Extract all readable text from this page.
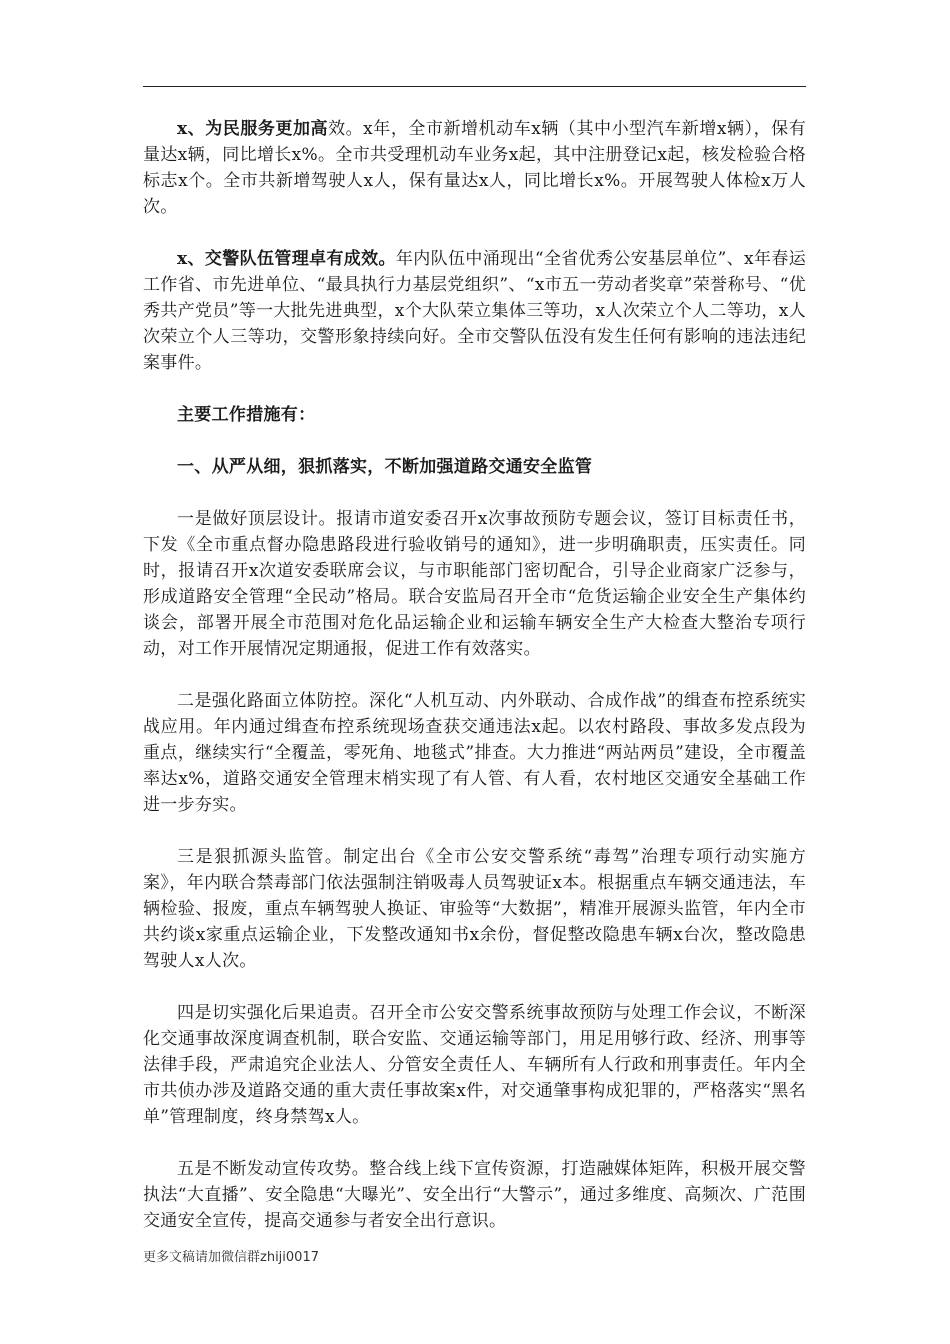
x、为民服务更加高效。x年，全市新增机动车x辆（其中小型汽车新增x辆），保有量达x辆，同比增长x%。全市共受理机动车业务x起，其中注册登记x起，核发检验合格标志x个。全市共新增驾驶人x人，保有量达x人，同比增长x%。开展驾驶人体检x万人次。

x、交警队伍管理卓有成效。年内队伍中涌现出“全省优秀公安基层单位”、x年春运工作省、市先进单位、“最具执行力基层党组织”、“x市五一劳动者奖章”荣誉称号、“优秀共产党员”等一大批先进典型，x个大队荣立集体三等功，x人次荣立个人二等功，x人次荣立个人三等功，交警形象持续向好。全市交警队伍没有发生任何有影响的违法违纪案事件。

主要工作措施有：

一、从严从细，狠抓落实，不断加强道路交通安全监管

一是做好顶层设计。报请市道安委召开x次事故预防专题会议，签订目标责任书，下发《全市重点督办隐患路段进行验收销号的通知》，进一步明确职责，压实责任。同时，报请召开x次道安委联席会议，与市职能部门密切配合，引导企业商家广泛参与，形成道路安全管理“全民动”格局。联合安监局召开全市“危货运输企业安全生产集体约谈会，部署开展全市范围对危化品运输企业和运输车辆安全生产大检查大整治专项行动，对工作开展情况定期通报，促进工作有效落实。

二是强化路面立体防控。深化“人机互动、内外联动、合成作战”的缉查布控系统实战应用。年内通过缉查布控系统现场查获交通违法x起。以农村路段、事故多发点段为重点，继续实行“全覆盖，零死角、地毯式”排查。大力推进“两站两员”建设，全市覆盖率达x%，道路交通安全管理末梢实现了有人管、有人看，农村地区交通安全基础工作进一步夯实。

三是狠抓源头监管。制定出台《全市公安交警系统“毒驾”治理专项行动实施方案》，年内联合禁毒部门依法强制注销吸毒人员驾驶证x本。根据重点车辆交通违法，车辆检验、报废，重点车辆驾驶人换证、审验等“大数据”，精准开展源头监管，年内全市共约谈x家重点运输企业，下发整改通知书x余份，督促整改隐患车辆x台次，整改隐患驾驶人x人次。

四是切实强化后果追责。召开全市公安交警系统事故预防与处理工作会议，不断深化交通事故深度调查机制，联合安监、交通运输等部门，用足用够行政、经济、刑事等法律手段，严肃追究企业法人、分管安全责任人、车辆所有人行政和刑事责任。年内全市共侦办涉及道路交通的重大责任事故案x件，对交通肇事构成犯罪的，严格落实“黑名单”管理制度，终身禁驾x人。

五是不断发动宣传攻势。整合线上线下宣传资源，打造融媒体矩阵，积极开展交警执法“大直播”、安全隐患“大曝光”、安全出行“大警示”，通过多维度、高频次、广范围交通安全宣传，提高交通参与者安全出行意识。

更多文稿请加微信群zhiji0017
